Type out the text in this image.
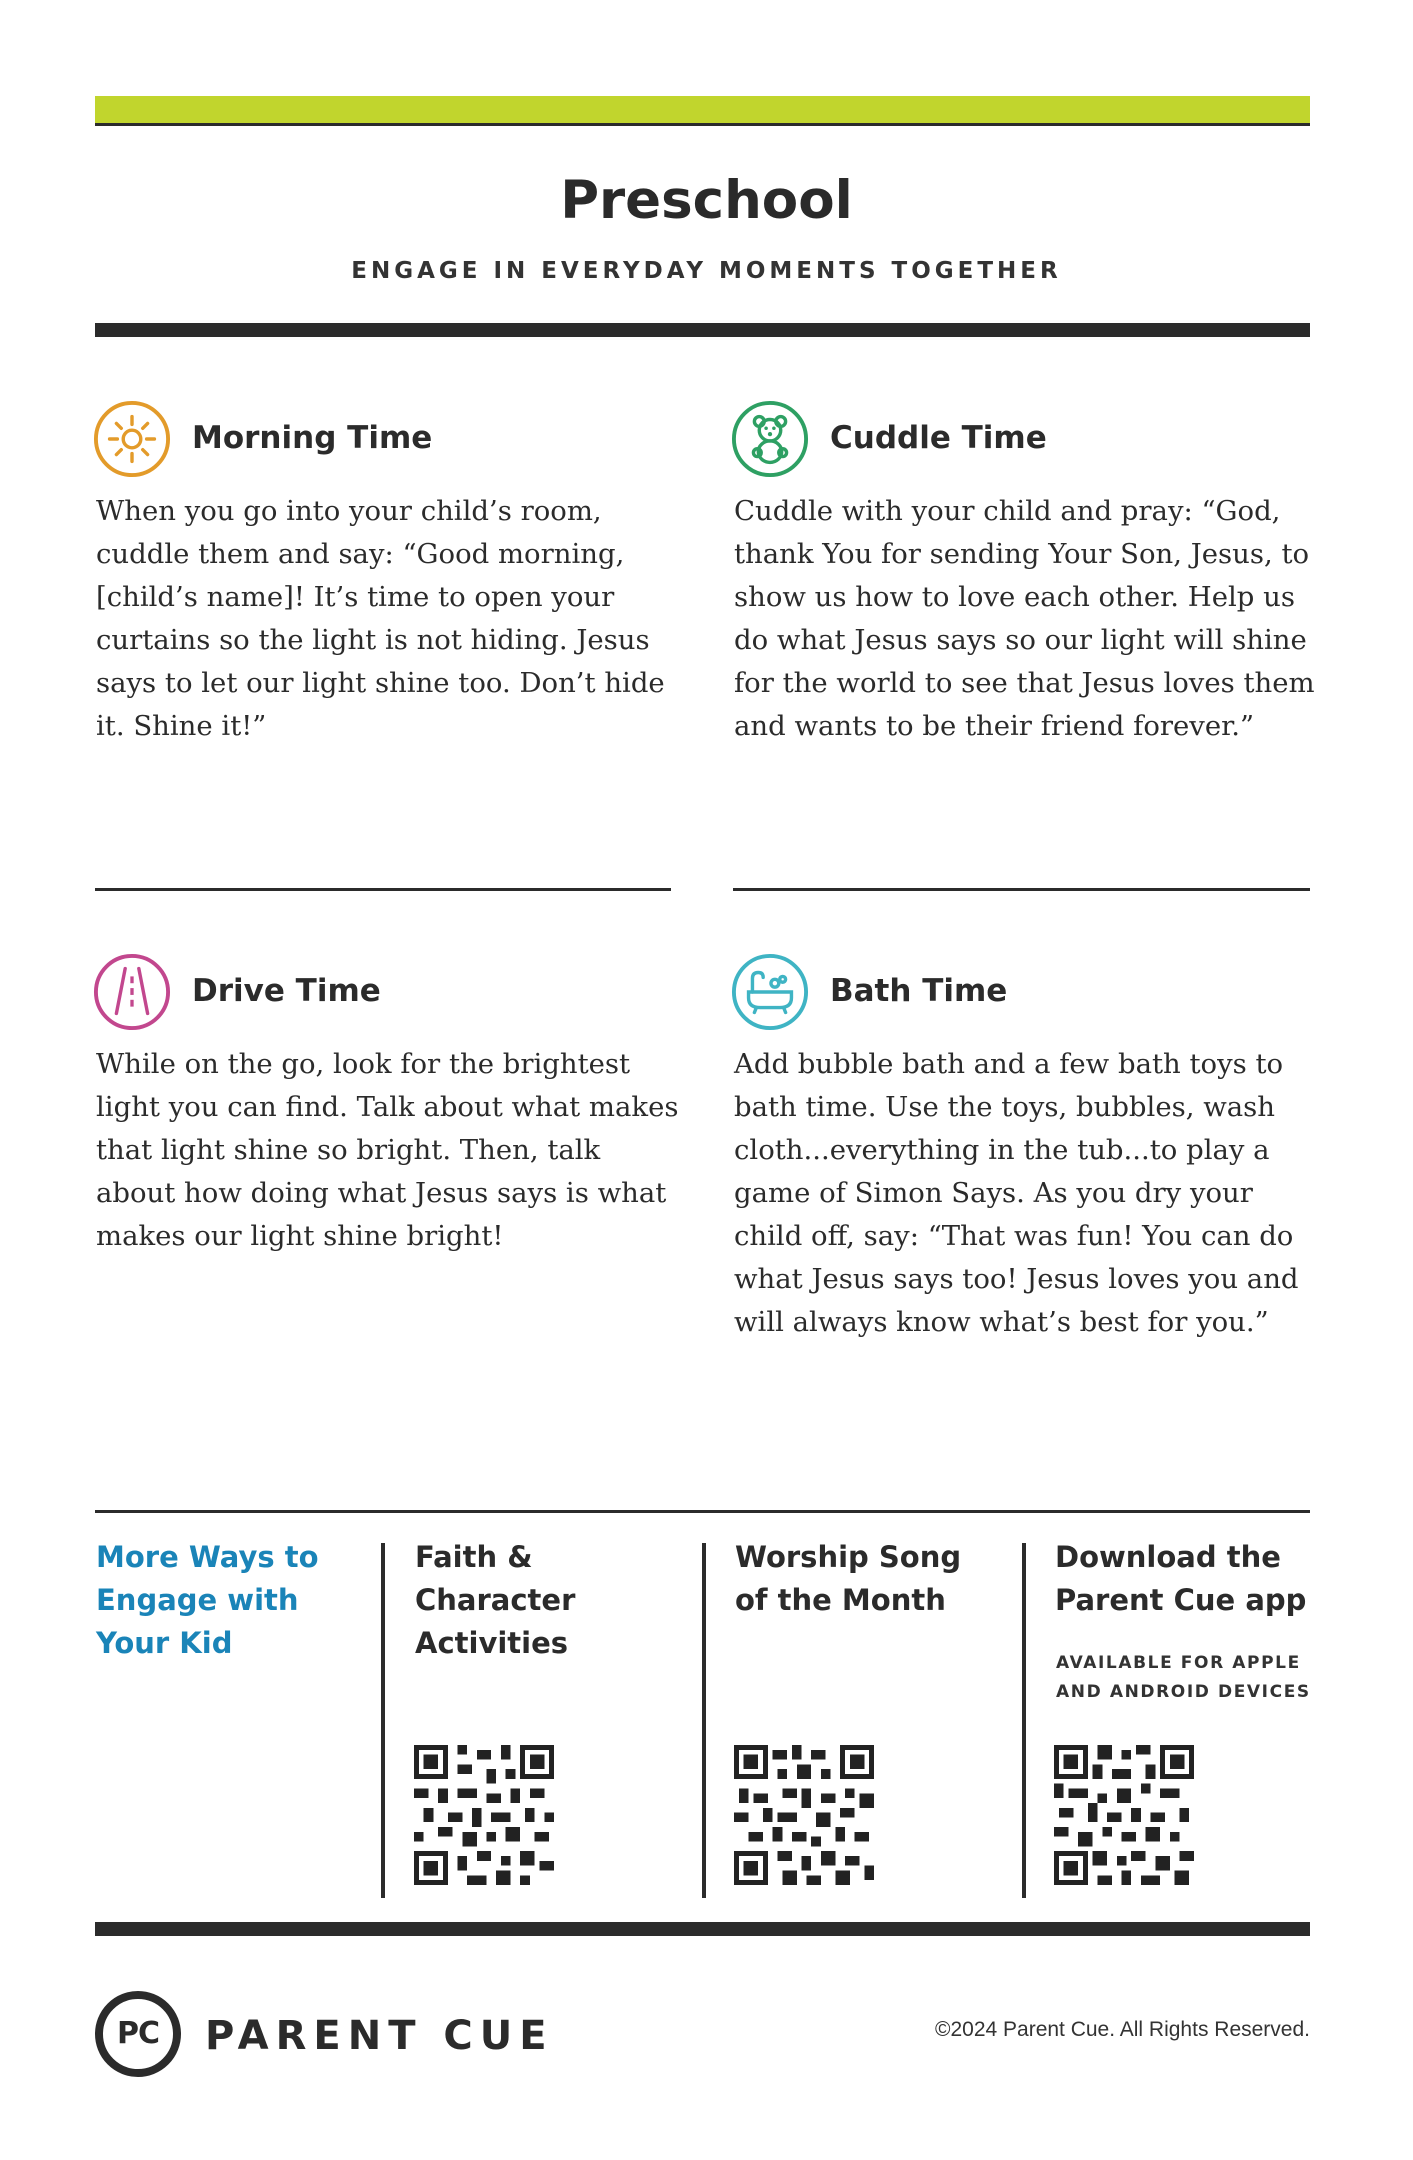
Preschool
ENGAGE IN EVERYDAY MOMENTS TOGETHER
Morning Time
When you go into your child’s room, cuddle them and say: “Good morning, [child’s name]! It’s time to open your curtains so the light is not hiding. Jesus says to let our light shine too. Don’t hide it. Shine it!”
Cuddle Time
Cuddle with your child and pray: “God, thank You for sending Your Son, Jesus, to show us how to love each other. Help us do what Jesus says so our light will shine for the world to see that Jesus loves them and wants to be their friend forever.”
Drive Time
While on the go, look for the brightest light you can find. Talk about what makes that light shine so bright. Then, talk about how doing what Jesus says is what makes our light shine bright!
Bath Time
Add bubble bath and a few bath toys to bath time. Use the toys, bubbles, wash cloth...everything in the tub...to play a game of Simon Says. As you dry your child off, say: “That was fun! You can do what Jesus says too! Jesus loves you and will always know what’s best for you.”
More Ways to
Engage with
Your Kid
Faith &
Character
Activities
Worship Song
of the Month
Download the
Parent Cue app
AVAILABLE FOR APPLE
AND ANDROID DEVICES
PC	PARENT CUE	©2024 Parent Cue. All Rights Reserved.
